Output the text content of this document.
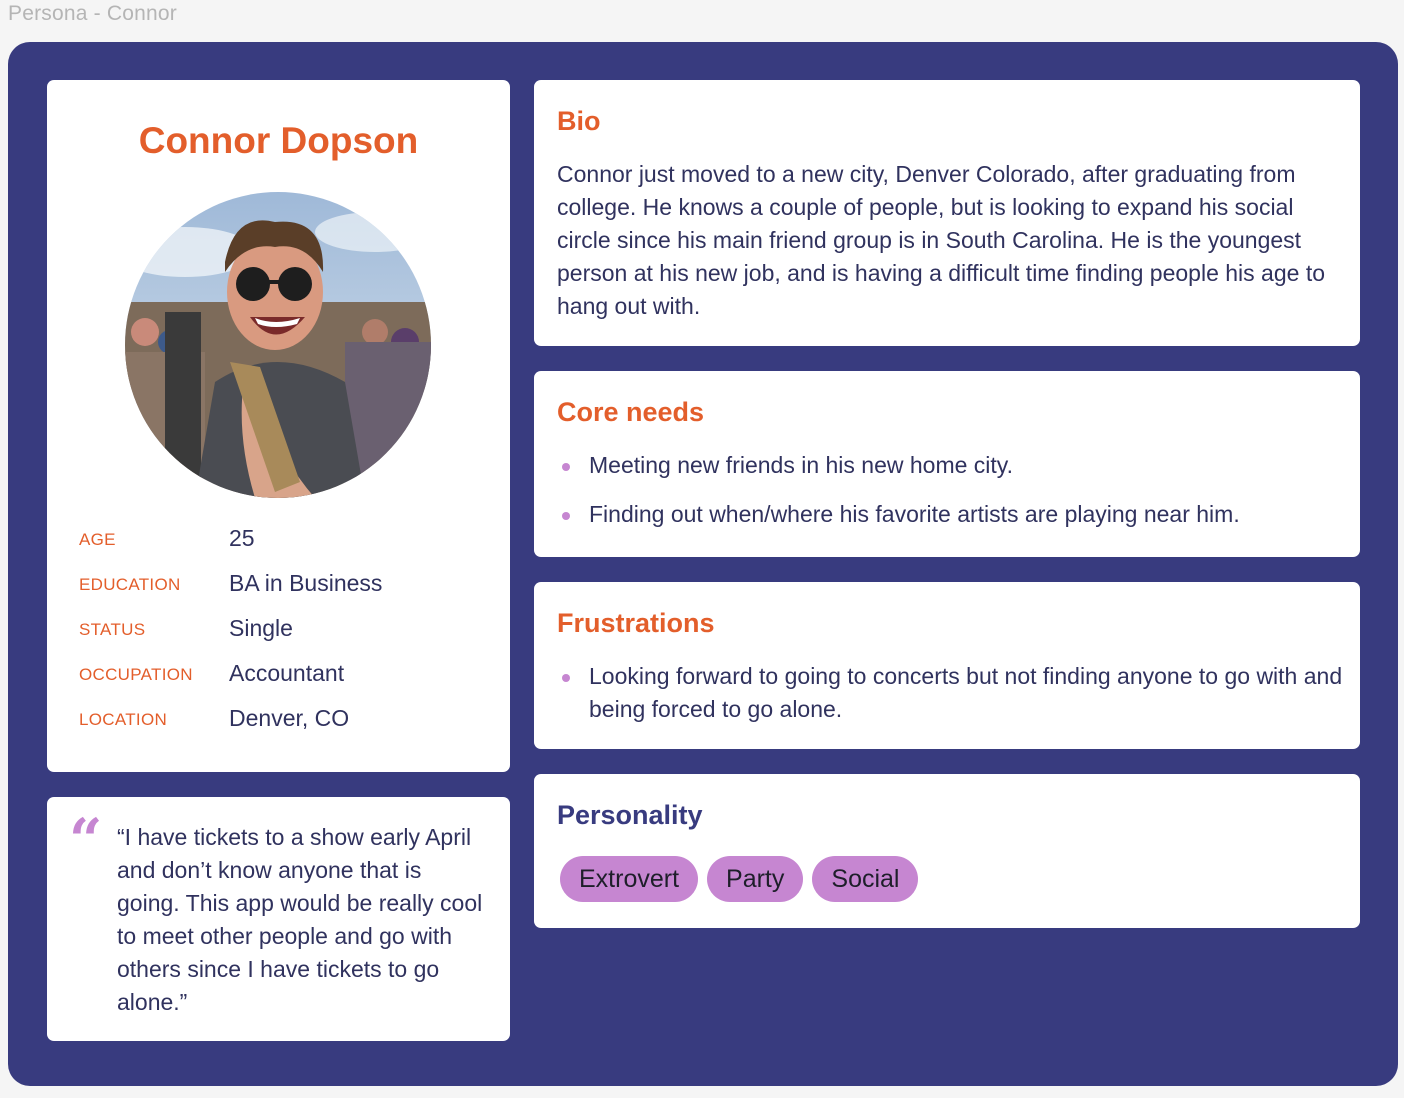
Persona - Connor
Connor Dopson
AGE	25
EDUCATION BA in Business
STATUS	Single
OCCUPATION Accountant
LOCATION	Denver, CO
“ “I have tickets to a show early April and don’t know anyone that is going. This app would be really cool to meet other people and go with others since I have tickets to go alone.”
Bio
Connor just moved to a new city, Denver Colorado, after graduating from college. He knows a couple of people, but is looking to expand his social circle since his main friend group is in South Carolina. He is the youngest person at his new job, and is having a difficult time finding people his age to hang out with.
Core needs
Meeting new friends in his new home city.
Finding out when/where his favorite artists are playing near him.
Frustrations
Looking forward to going to concerts but not finding anyone to go with and being forced to go alone.
Personality
Extrovert	Party	Social
